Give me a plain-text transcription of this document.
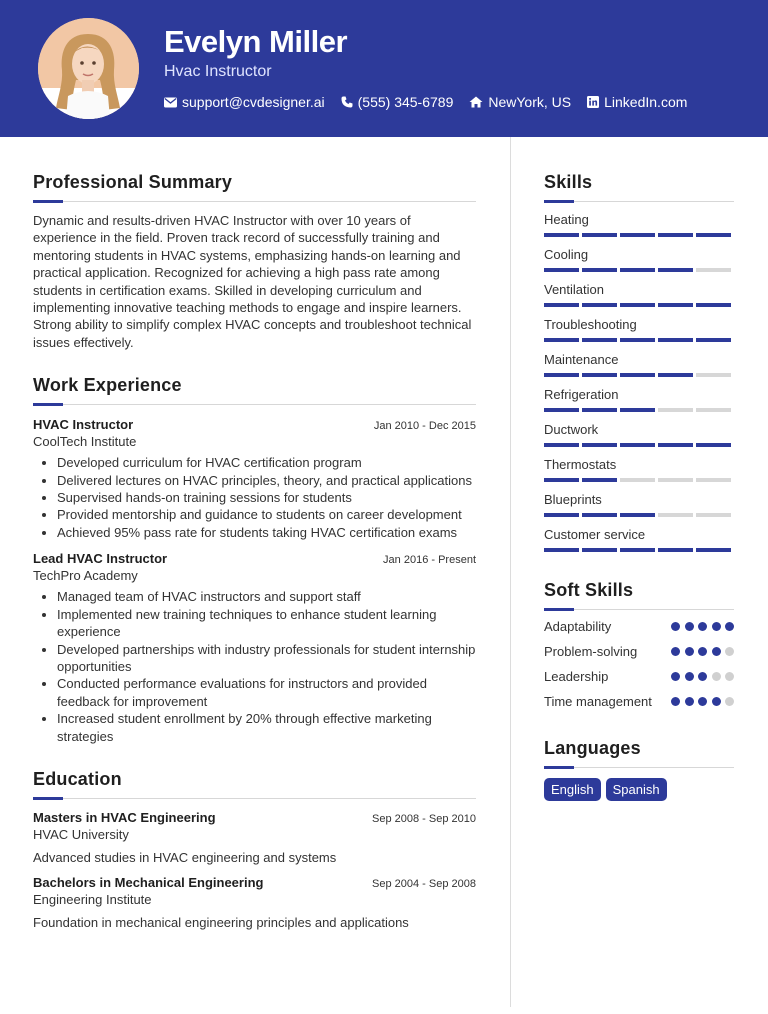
Evelyn Miller
Hvac Instructor
support@cvdesigner.ai (555) 345-6789	NewYork, US LinkedIn.com
Professional Summary
Dynamic and results-driven HVAC Instructor with over 10 years of experience in the field. Proven track record of successfully training and mentoring students in HVAC systems, emphasizing hands-on learning and practical application. Recognized for achieving a high pass rate among students in certification exams. Skilled in developing curriculum and implementing innovative teaching methods to engage and inspire learners. Strong ability to simplify complex HVAC concepts and troubleshoot technical issues effectively.
Work Experience
HVAC Instructor	Jan 2010 - Dec 2015
CoolTech Institute
• Developed curriculum for HVAC certification program
• Delivered lectures on HVAC principles, theory, and practical applications
• Supervised hands-on training sessions for students
• Provided mentorship and guidance to students on career development
• Achieved 95% pass rate for students taking HVAC certification exams
Lead HVAC Instructor	Jan 2016 - Present
TechPro Academy
• Managed team of HVAC instructors and support staff
• Implemented new training techniques to enhance student learning experience
• Developed partnerships with industry professionals for student internship opportunities
• Conducted performance evaluations for instructors and provided feedback for improvement
• Increased student enrollment by 20% through effective marketing strategies
Education
Masters in HVAC Engineering	Sep 2008 - Sep 2010
HVAC University
Advanced studies in HVAC engineering and systems
Bachelors in Mechanical Engineering	Sep 2004 - Sep 2008
Engineering Institute
Foundation in mechanical engineering principles and applications
Skills
Heating
Cooling
Ventilation
Troubleshooting
Maintenance
Refrigeration
Ductwork
Thermostats
Blueprints
Customer service
Soft Skills
Adaptability
Problem-solving
Leadership
Time management
Languages
English	Spanish
